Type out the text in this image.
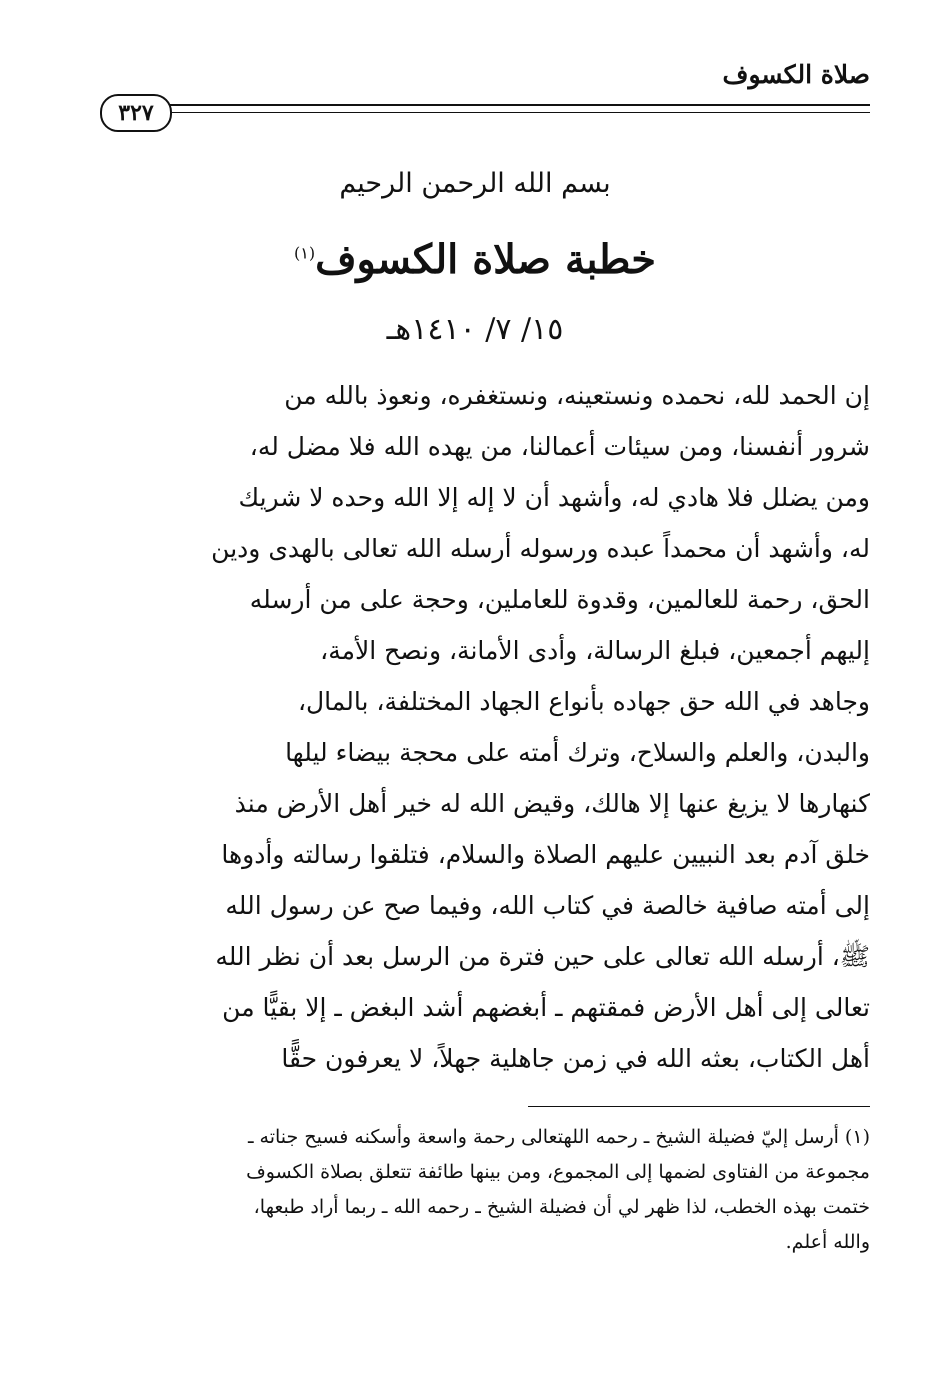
صلاة الكسوف
٣٢٧
بسم الله الرحمن الرحيم
خطبة صلاة الكسوف$^{(١)}$
١٥/ ٧/ ١٤١٠هـ
إن الحمد لله، نحمده ونستعينه، ونستغفره، ونعوذ بالله من
شرور أنفسنا، ومن سيئات أعمالنا، من يهده الله فلا مضل له،
ومن يضلل فلا هادي له، وأشهد أن لا إله إلا الله وحده لا شريك
له، وأشهد أن محمداً عبده ورسوله أرسله الله تعالى بالهدى ودين
الحق، رحمة للعالمين، وقدوة للعاملين، وحجة على من أرسله
إليهم أجمعين، فبلغ الرسالة، وأدى الأمانة، ونصح الأمة،
وجاهد في الله حق جهاده بأنواع الجهاد المختلفة، بالمال،
والبدن، والعلم والسلاح، وترك أمته على محجة بيضاء ليلها
كنهارها لا يزيغ عنها إلا هالك، وقيض الله له خير أهل الأرض منذ
خلق آدم بعد النبيين عليهم الصلاة والسلام، فتلقوا رسالته وأدوها
إلى أمته صافية خالصة في كتاب الله، وفيما صح عن رسول الله
ﷺ، أرسله الله تعالى على حين فترة من الرسل بعد أن نظر الله
تعالى إلى أهل الأرض فمقتهم ـ أبغضهم أشد البغض ـ إلا بقيًّا من
أهل الكتاب، بعثه الله في زمن جاهلية جهلاً، لا يعرفون حقًّا
(١) أرسل إليّ فضيلة الشيخ ـ رحمه اللهتعالى رحمة واسعة وأسكنه فسيح جناته ـ
مجموعة من الفتاوى لضمها إلى المجموع، ومن بينها طائفة تتعلق بصلاة الكسوف
ختمت بهذه الخطب، لذا ظهر لي أن فضيلة الشيخ ـ رحمه الله ـ ربما أراد طبعها،
والله أعلم.
